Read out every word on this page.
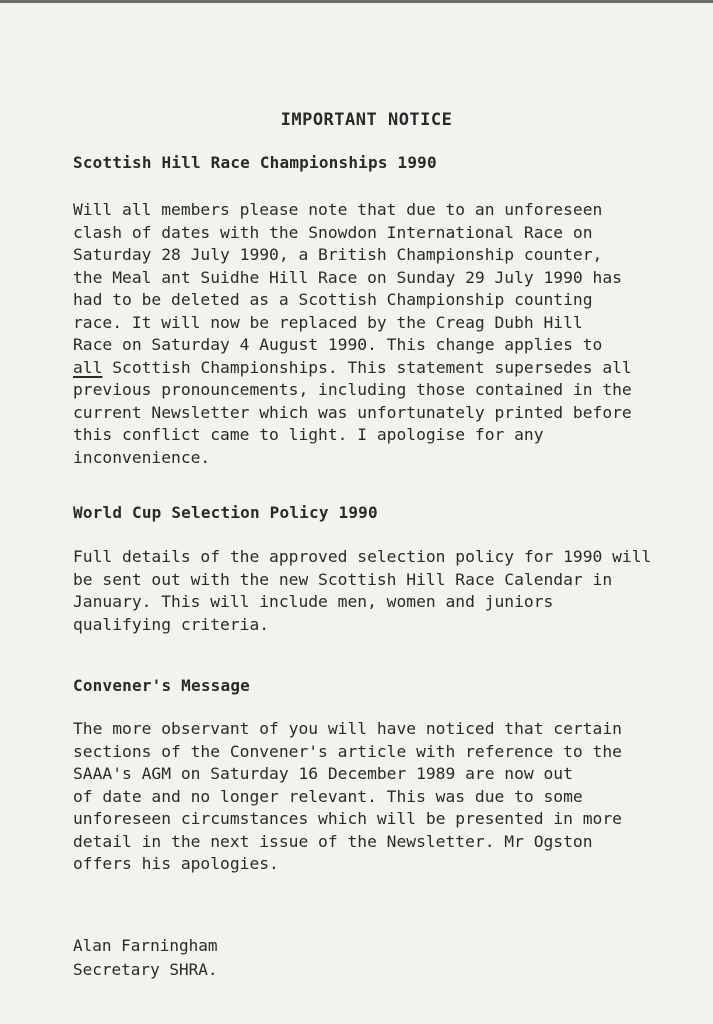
IMPORTANT NOTICE
Scottish Hill Race Championships 1990
Will all members please note that due to an unforeseen
clash of dates with the Snowdon International Race on
Saturday 28 July 1990, a British Championship counter,
the Meal ant Suidhe Hill Race on Sunday 29 July 1990 has
had to be deleted as a Scottish Championship counting
race. It will now be replaced by the Creag Dubh Hill
Race on Saturday 4 August 1990. This change applies to
all Scottish Championships. This statement supersedes all
previous pronouncements, including those contained in the
current Newsletter which was unfortunately printed before
this conflict came to light. I apologise for any
inconvenience.
World Cup Selection Policy 1990
Full details of the approved selection policy for 1990 will
be sent out with the new Scottish Hill Race Calendar in
January. This will include men, women and juniors
qualifying criteria.
Convener's Message
The more observant of you will have noticed that certain
sections of the Convener's article with reference to the
SAAA's AGM on Saturday 16 December 1989 are now out
of date and no longer relevant. This was due to some
unforeseen circumstances which will be presented in more
detail in the next issue of the Newsletter. Mr Ogston
offers his apologies.
Alan Farningham
Secretary SHRA.
